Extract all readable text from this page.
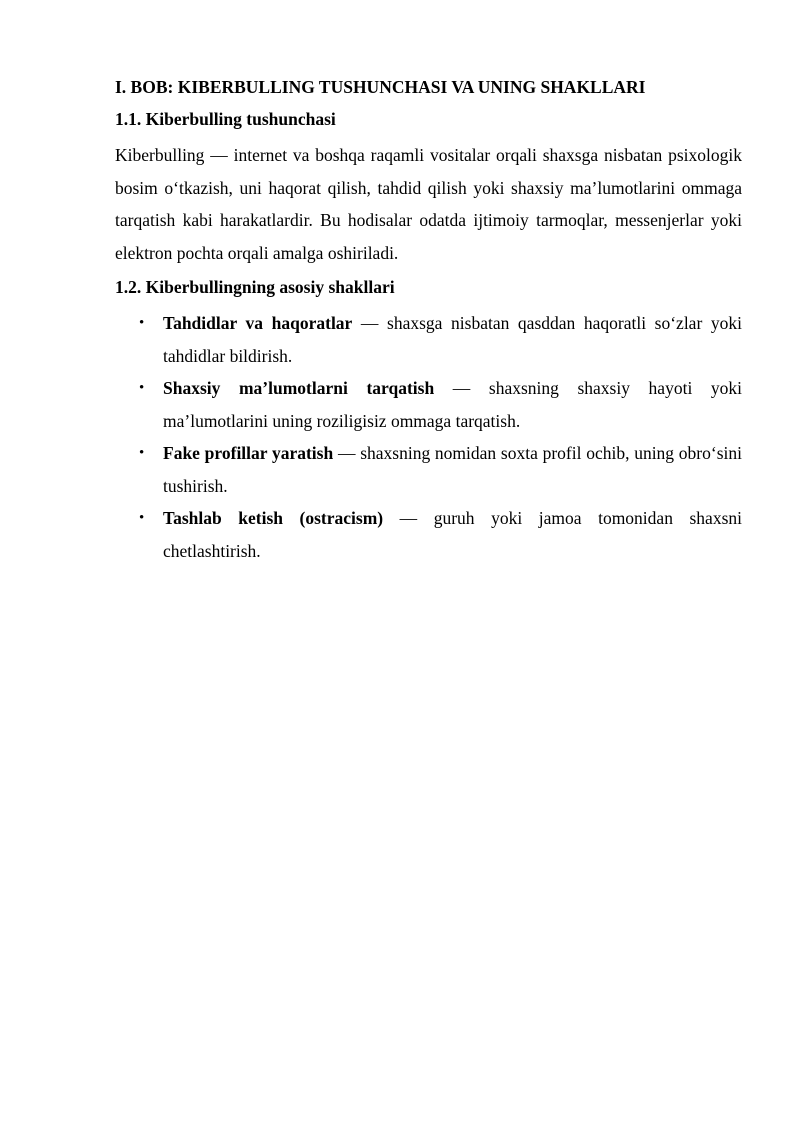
I. BOB: KIBERBULLING TUSHUNCHASI VA UNING SHAKLLARI
1.1. Kiberbulling tushunchasi

Kiberbulling — internet va boshqa raqamli vositalar orqali shaxsga nisbatan psixologik bosim o‘tkazish, uni haqorat qilish, tahdid qilish yoki shaxsiy ma’lumotlarini ommaga tarqatish kabi harakatlardir. Bu hodisalar odatda ijtimoiy tarmoqlar, messenjerlar yoki elektron pochta orqali amalga oshiriladi.

1.2. Kiberbullingning asosiy shakllari
• Tahdidlar va haqoratlar — shaxsga nisbatan qasddan haqoratli so‘zlar yoki tahdidlar bildirish.
• Shaxsiy ma’lumotlarni tarqatish — shaxsning shaxsiy hayoti yoki ma’lumotlarini uning roziligisiz ommaga tarqatish.
• Fake profillar yaratish — shaxsning nomidan soxta profil ochib, uning obro‘sini tushirish.
• Tashlab ketish (ostracism) — guruh yoki jamoa tomonidan shaxsni chetlashtirish.
